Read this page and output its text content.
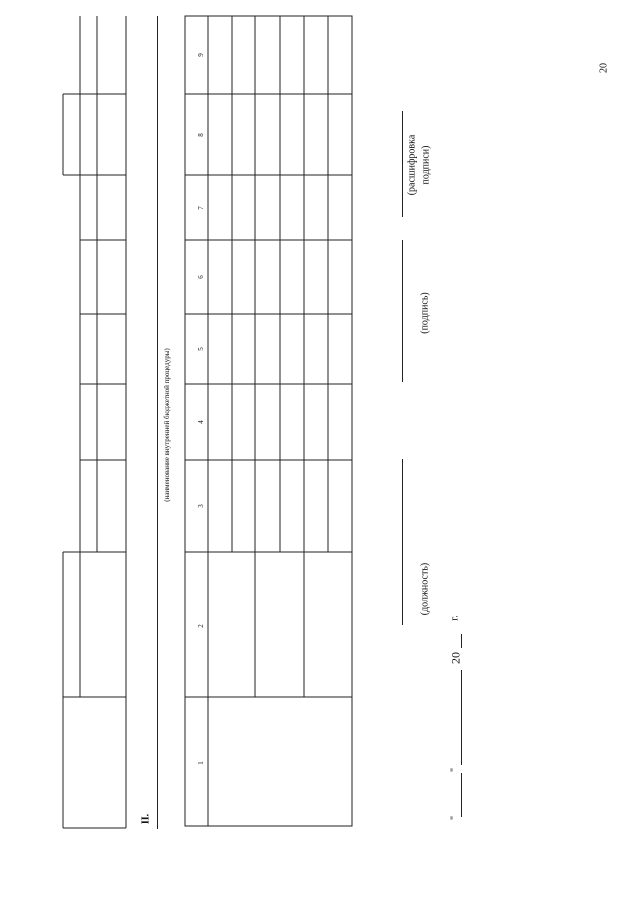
20
II.
(наименование внутренней бюджетной процедуры)
1
2
3
4
5
6
7
8
9
(должность)
(подпись)
(расшифровка подписи)
"
"
20
г.
